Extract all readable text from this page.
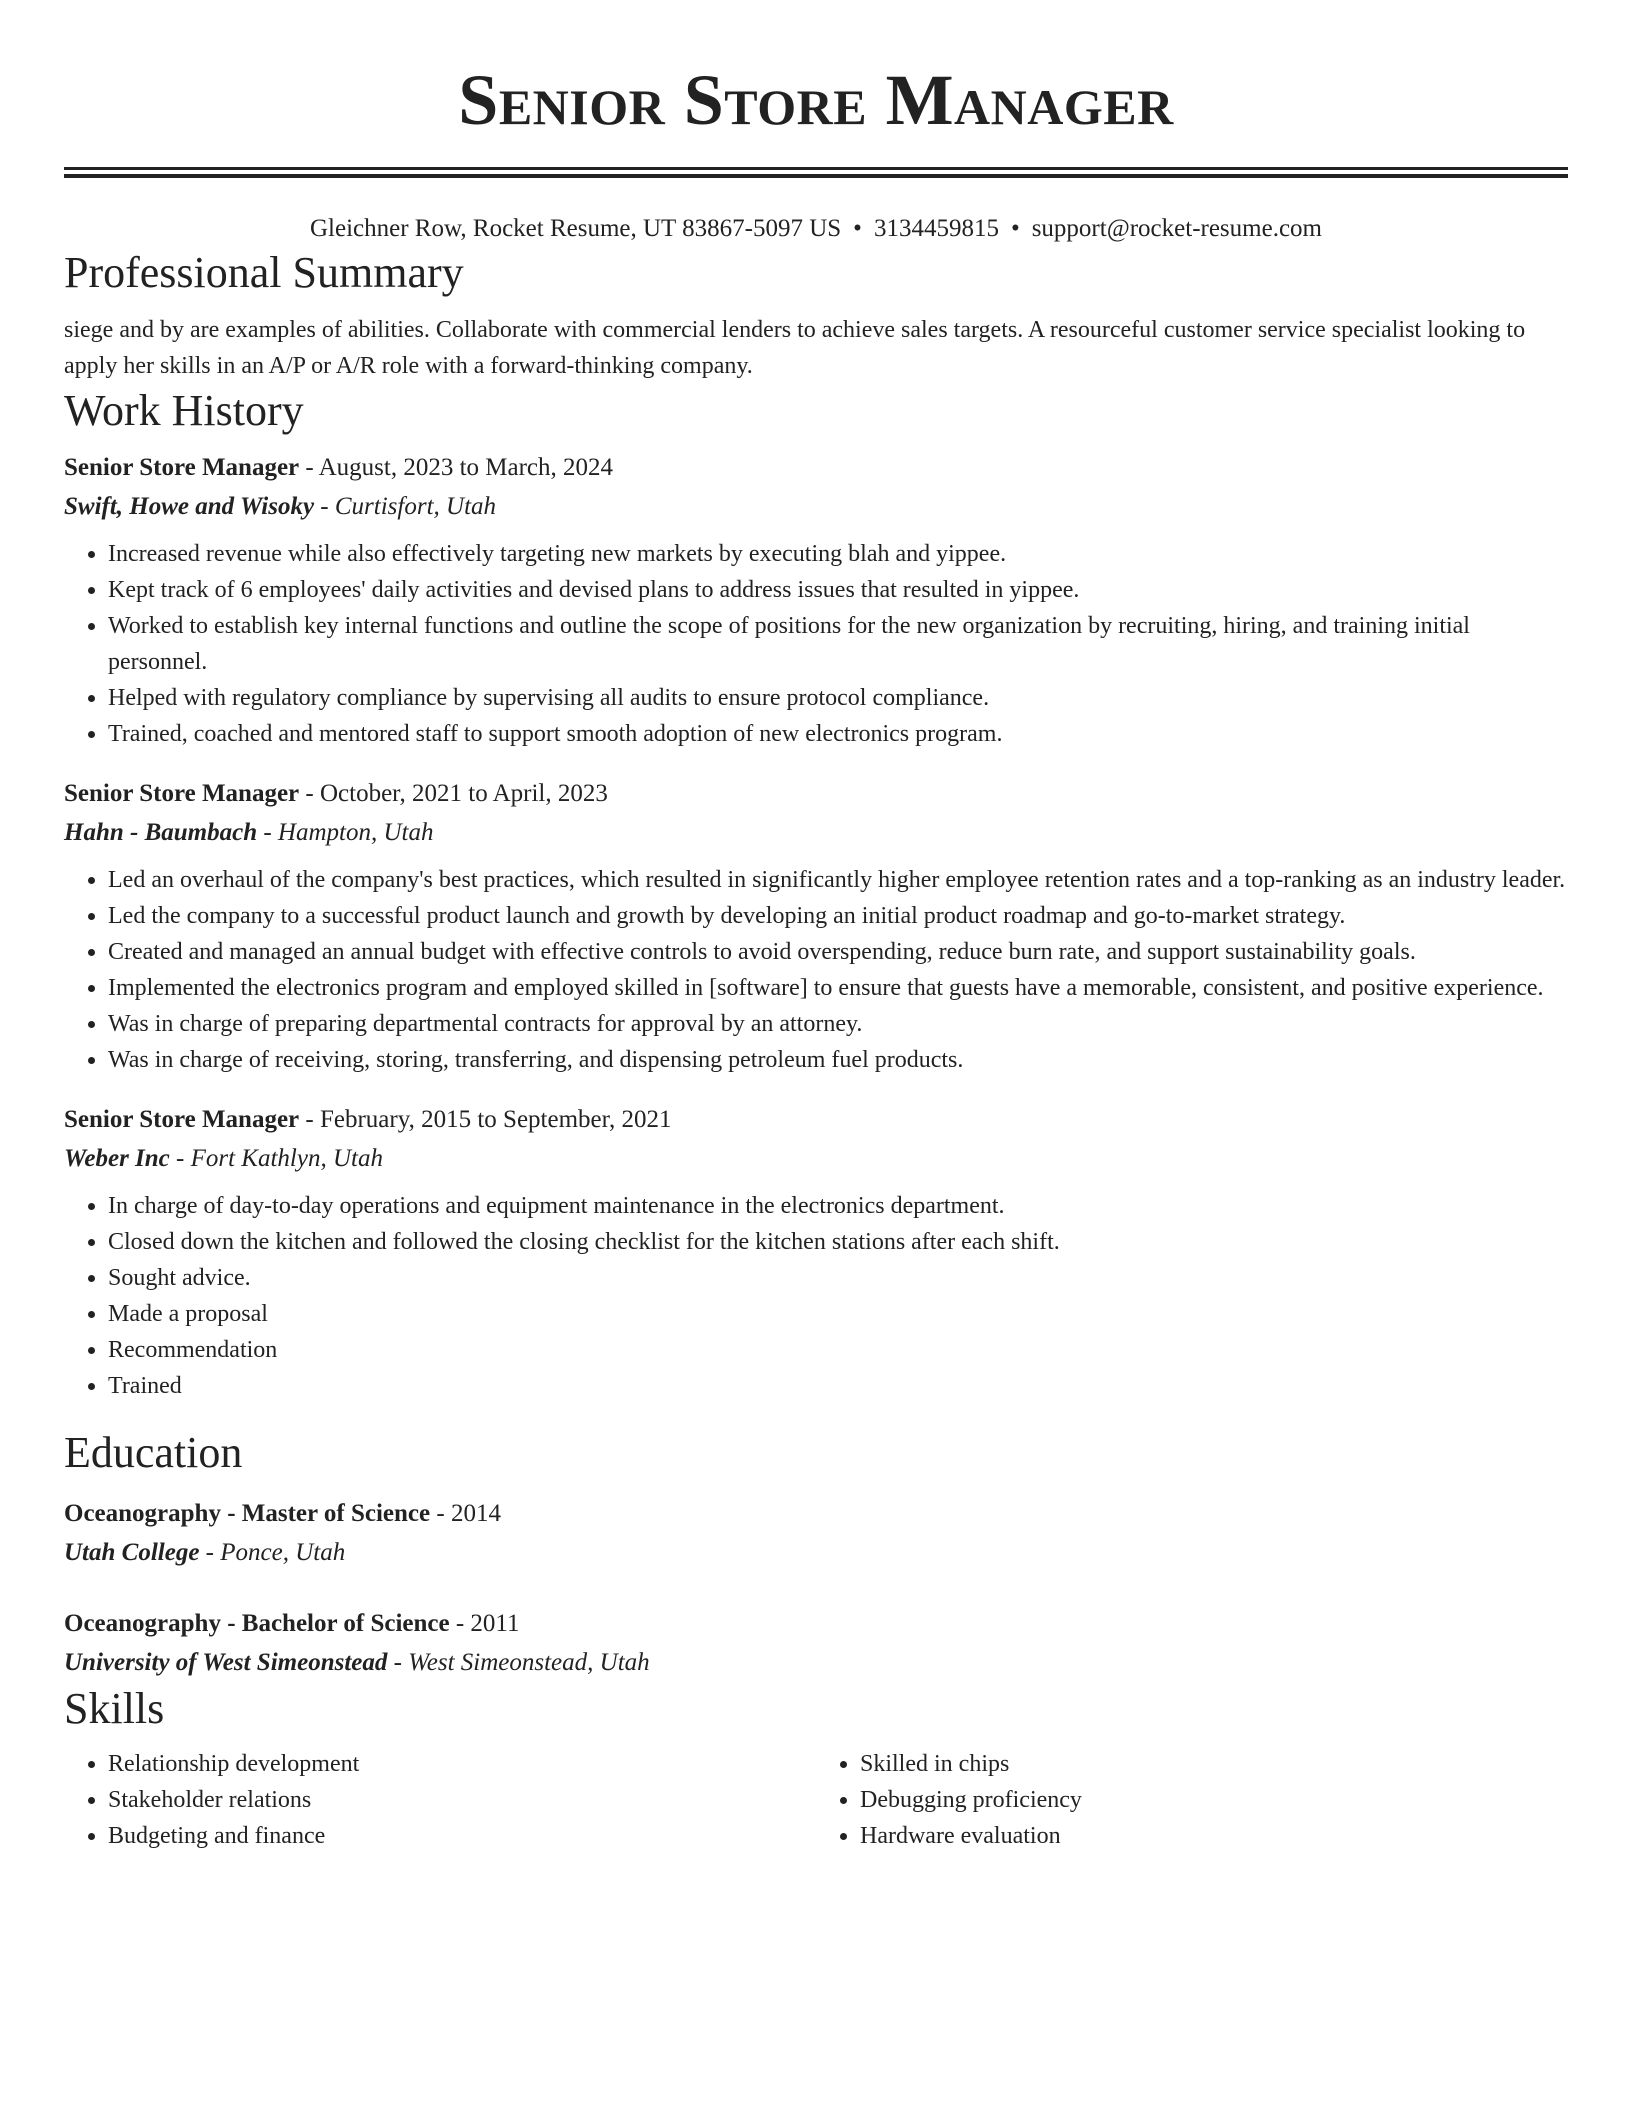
Senior Store Manager
Gleichner Row, Rocket Resume, UT 83867-5097 US • 3134459815 • support@rocket-resume.com
Professional Summary

siege and by are examples of abilities. Collaborate with commercial lenders to achieve sales targets. A resourceful customer service specialist looking to apply her skills in an A/P or A/R role with a forward-thinking company.

Work History
Senior Store Manager - August, 2023 to March, 2024
Swift, Howe and Wisoky - Curtisfort, Utah
• Increased revenue while also effectively targeting new markets by executing blah and yippee.
• Kept track of 6 employees' daily activities and devised plans to address issues that resulted in yippee.
• Worked to establish key internal functions and outline the scope of positions for the new organization by recruiting, hiring, and training initial personnel.
• Helped with regulatory compliance by supervising all audits to ensure protocol compliance.
• Trained, coached and mentored staff to support smooth adoption of new electronics program.
Senior Store Manager - October, 2021 to April, 2023
Hahn - Baumbach - Hampton, Utah
• Led an overhaul of the company's best practices, which resulted in significantly higher employee retention rates and a top-ranking as an industry leader.
• Led the company to a successful product launch and growth by developing an initial product roadmap and go-to-market strategy.
• Created and managed an annual budget with effective controls to avoid overspending, reduce burn rate, and support sustainability goals.
• Implemented the electronics program and employed skilled in [software] to ensure that guests have a memorable, consistent, and positive experience.
• Was in charge of preparing departmental contracts for approval by an attorney.
• Was in charge of receiving, storing, transferring, and dispensing petroleum fuel products.
Senior Store Manager - February, 2015 to September, 2021
Weber Inc - Fort Kathlyn, Utah
• In charge of day-to-day operations and equipment maintenance in the electronics department.
• Closed down the kitchen and followed the closing checklist for the kitchen stations after each shift.
• Sought advice.
• Made a proposal
• Recommendation
• Trained
Education
Oceanography - Master of Science - 2014
Utah College - Ponce, Utah
Oceanography - Bachelor of Science - 2011
University of West Simeonstead - West Simeonstead, Utah
Skills
• Relationship development
• Stakeholder relations
• Budgeting and finance
• Skilled in chips
• Debugging proficiency
• Hardware evaluation
